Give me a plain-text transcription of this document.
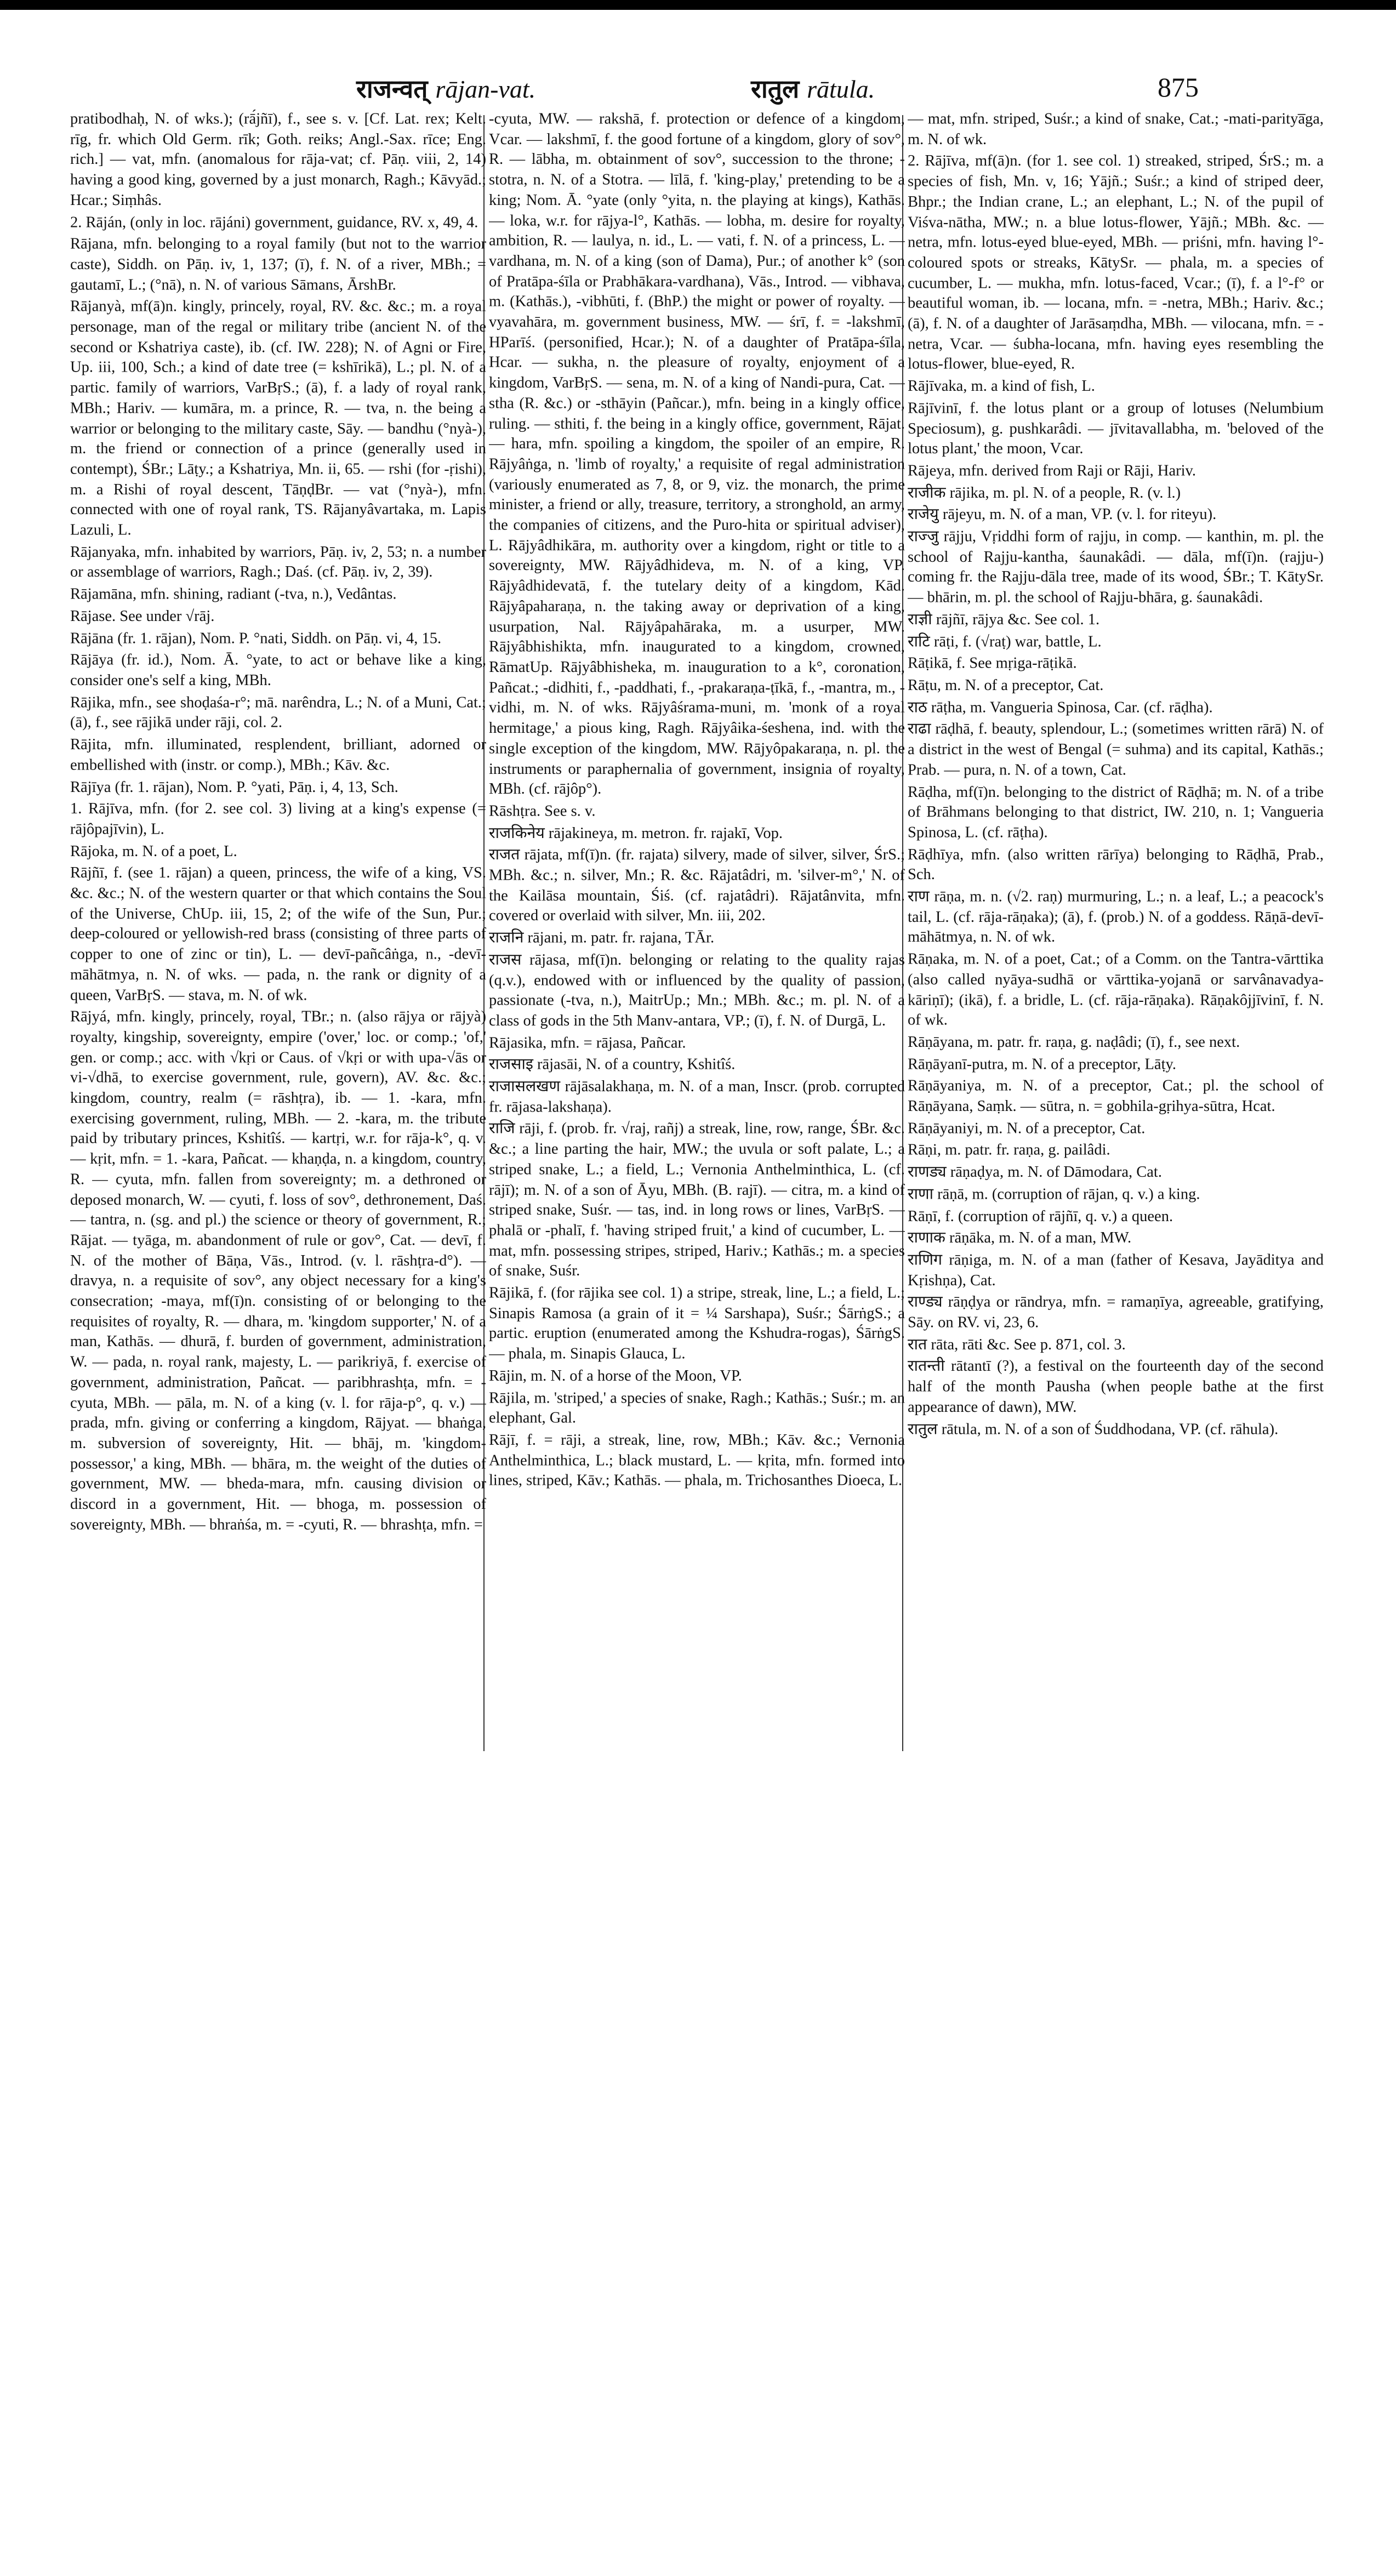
राजन्वत् rājan-vat.	रातुल rātula.	875

pratibodhaḥ, N. of wks.); (rā́jñī), f., see s. v. [Cf. Lat. rex; Kelt. rīg, fr. which Old Germ. rīk; Goth. reiks; Angl.-Sax. rīce; Eng. rich.] — vat, mfn. (anomalous for rāja-vat; cf. Pāṇ. viii, 2, 14) having a good king, governed by a just monarch, Ragh.; Kāvyād.; Hcar.; Siṃhâs.

2. Rāján, (only in loc. rājáni) government, guidance, RV. x, 49, 4.

Rājana, mfn. belonging to a royal family (but not to the warrior caste), Siddh. on Pāṇ. iv, 1, 137; (ī), f. N. of a river, MBh.; = gautamī, L.; (°nā), n. N. of various Sāmans, ĀrshBr.

Rājanyà, mf(ā)n. kingly, princely, royal, RV. &c. &c.; m. a royal personage, man of the regal or military tribe (ancient N. of the second or Kshatriya caste), ib. (cf. IW. 228); N. of Agni or Fire, Up. iii, 100, Sch.; a kind of date tree (= kshīrikā), L.; pl. N. of a partic. family of warriors, VarBṛS.; (ā), f. a lady of royal rank, MBh.; Hariv. — kumāra, m. a prince, R. — tva, n. the being a warrior or belonging to the military caste, Sāy. — bandhu (°nyà-), m. the friend or connection of a prince (generally used in contempt), ŚBr.; Lāṭy.; a Kshatriya, Mn. ii, 65. — rshi (for -ṛishi), m. a Rishi of royal descent, TāṇḍBr. — vat (°nyà-), mfn. connected with one of royal rank, TS. Rājanyâvartaka, m. Lapis Lazuli, L.

Rājanyaka, mfn. inhabited by warriors, Pāṇ. iv, 2, 53; n. a number or assemblage of warriors, Ragh.; Daś. (cf. Pāṇ. iv, 2, 39).

Rājamāna, mfn. shining, radiant (-tva, n.), Vedântas.

Rājase. See under √rāj.

Rājāna (fr. 1. rājan), Nom. P. °nati, Siddh. on Pāṇ. vi, 4, 15.

Rājāya (fr. id.), Nom. Ā. °yate, to act or behave like a king, consider one's self a king, MBh.

Rājika, mfn., see shoḍaśa-r°; mā. narêndra, L.; N. of a Muni, Cat.; (ā), f., see rājikā under rāji, col. 2.

Rājita, mfn. illuminated, resplendent, brilliant, adorned or embellished with (instr. or comp.), MBh.; Kāv. &c.

Rājīya (fr. 1. rājan), Nom. P. °yati, Pāṇ. i, 4, 13, Sch.

1. Rājīva, mfn. (for 2. see col. 3) living at a king's expense (= rājôpajīvin), L.

Rājoka, m. N. of a poet, L.

Rājñī, f. (see 1. rājan) a queen, princess, the wife of a king, VS. &c. &c.; N. of the western quarter or that which contains the Soul of the Universe, ChUp. iii, 15, 2; of the wife of the Sun, Pur.; deep-coloured or yellowish-red brass (consisting of three parts of copper to one of zinc or tin), L. — devī-pañcâṅga, n., -devī-māhātmya, n. N. of wks. — pada, n. the rank or dignity of a queen, VarBṛS. — stava, m. N. of wk.

Rājyá, mfn. kingly, princely, royal, TBr.; n. (also rājya or rājyà) royalty, kingship, sovereignty, empire ('over,' loc. or comp.; 'of,' gen. or comp.; acc. with √kṛi or Caus. of √kṛi or with upa-√ās or vi-√dhā, to exercise government, rule, govern), AV. &c. &c.; kingdom, country, realm (= rāshṭra), ib. — 1. -kara, mfn. exercising government, ruling, MBh. — 2. -kara, m. the tribute paid by tributary princes, Kshitîś. — kartṛi, w.r. for rāja-k°, q. v. — kṛit, mfn. = 1. -kara, Pañcat. — khaṇḍa, n. a kingdom, country, R. — cyuta, mfn. fallen from sovereignty; m. a dethroned or deposed monarch, W. — cyuti, f. loss of sov°, dethronement, Daś. — tantra, n. (sg. and pl.) the science or theory of government, R.; Rājat. — tyāga, m. abandonment of rule or gov°, Cat. — devī, f. N. of the mother of Bāṇa, Vās., Introd. (v. l. rāshṭra-d°). — dravya, n. a requisite of sov°, any object necessary for a king's consecration; -maya, mf(ī)n. consisting of or belonging to the requisites of royalty, R. — dhara, m. 'kingdom supporter,' N. of a man, Kathās. — dhurā, f. burden of government, administration, W. — pada, n. royal rank, majesty, L. — parikriyā, f. exercise of government, administration, Pañcat. — paribhrashṭa, mfn. = -cyuta, MBh. — pāla, m. N. of a king (v. l. for rāja-p°, q. v.) — prada, mfn. giving or conferring a kingdom, Rājyat. — bhaṅga, m. subversion of sovereignty, Hit. — bhāj, m. 'kingdom-possessor,' a king, MBh. — bhāra, m. the weight of the duties of government, MW. — bheda-mara, mfn. causing division or discord in a government, Hit. — bhoga, m. possession of sovereignty, MBh. — bhraṅśa, m. = -cyuti, R. — bhrashṭa, mfn. =

-cyuta, MW. — rakshā, f. protection or defence of a kingdom, Vcar. — lakshmī, f. the good fortune of a kingdom, glory of sov°, R. — lābha, m. obtainment of sov°, succession to the throne; -stotra, n. N. of a Stotra. — līlā, f. 'king-play,' pretending to be a king; Nom. Ā. °yate (only °yita, n. the playing at kings), Kathās. — loka, w.r. for rājya-l°, Kathās. — lobha, m. desire for royalty, ambition, R. — laulya, n. id., L. — vati, f. N. of a princess, L. — vardhana, m. N. of a king (son of Dama), Pur.; of another k° (son of Pratāpa-śīla or Prabhākara-vardhana), Vās., Introd. — vibhava, m. (Kathās.), -vibhūti, f. (BhP.) the might or power of royalty. — vyavahāra, m. government business, MW. — śrī, f. = -lakshmī, HParīś. (personified, Hcar.); N. of a daughter of Pratāpa-śīla, Hcar. — sukha, n. the pleasure of royalty, enjoyment of a kingdom, VarBṛS. — sena, m. N. of a king of Nandi-pura, Cat. — stha (R. &c.) or -sthāyin (Pañcar.), mfn. being in a kingly office, ruling. — sthiti, f. the being in a kingly office, government, Rājat. — hara, mfn. spoiling a kingdom, the spoiler of an empire, R. Rājyâṅga, n. 'limb of royalty,' a requisite of regal administration (variously enumerated as 7, 8, or 9, viz. the monarch, the prime minister, a friend or ally, treasure, territory, a stronghold, an army, the companies of citizens, and the Puro-hita or spiritual adviser), L. Rājyâdhikāra, m. authority over a kingdom, right or title to a sovereignty, MW. Rājyâdhideva, m. N. of a king, VP. Rājyâdhidevatā, f. the tutelary deity of a kingdom, Kād. Rājyâpaharaṇa, n. the taking away or deprivation of a king, usurpation, Nal. Rājyâpahāraka, m. a usurper, MW. Rājyâbhishikta, mfn. inaugurated to a kingdom, crowned, RāmatUp. Rājyâbhisheka, m. inauguration to a k°, coronation, Pañcat.; -didhiti, f., -paddhati, f., -prakaraṇa-ṭīkā, f., -mantra, m., -vidhi, m. N. of wks. Rājyâśrama-muni, m. 'monk of a royal hermitage,' a pious king, Ragh. Rājyâika-śeshena, ind. with the single exception of the kingdom, MW. Rājyôpakaraṇa, n. pl. the instruments or paraphernalia of government, insignia of royalty, MBh. (cf. rājôp°).

Rāshṭra. See s. v.

राजकिनेय rājakineya, m. metron. fr. rajakī, Vop.

राजत rājata, mf(ī)n. (fr. rajata) silvery, made of silver, silver, ŚrS.; MBh. &c.; n. silver, Mn.; R. &c. Rājatâdri, m. 'silver-m°,' N. of the Kailāsa mountain, Śiś. (cf. rajatâdri). Rājatânvita, mfn. covered or overlaid with silver, Mn. iii, 202.

राजनि rājani, m. patr. fr. rajana, TĀr.

राजस rājasa, mf(ī)n. belonging or relating to the quality rajas (q.v.), endowed with or influenced by the quality of passion, passionate (-tva, n.), MaitrUp.; Mn.; MBh. &c.; m. pl. N. of a class of gods in the 5th Manv-antara, VP.; (ī), f. N. of Durgā, L.

Rājasika, mfn. = rājasa, Pañcar.

राजसाइ rājasāi, N. of a country, Kshitîś.

राजासलखण rājāsalakhaṇa, m. N. of a man, Inscr. (prob. corrupted fr. rājasa-lakshaṇa).

राजि rāji, f. (prob. fr. √raj, rañj) a streak, line, row, range, ŚBr. &c. &c.; a line parting the hair, MW.; the uvula or soft palate, L.; a striped snake, L.; a field, L.; Vernonia Anthelminthica, L. (cf. rājī); m. N. of a son of Āyu, MBh. (B. rajī). — citra, m. a kind of striped snake, Suśr. — tas, ind. in long rows or lines, VarBṛS. — phalā or -phalī, f. 'having striped fruit,' a kind of cucumber, L. — mat, mfn. possessing stripes, striped, Hariv.; Kathās.; m. a species of snake, Suśr.

Rājikā, f. (for rājika see col. 1) a stripe, streak, line, L.; a field, L.; Sinapis Ramosa (a grain of it = ¼ Sarshapa), Suśr.; ŚārṅgS.; a partic. eruption (enumerated among the Kshudra-rogas), ŚārṅgS. — phala, m. Sinapis Glauca, L.

Rājin, m. N. of a horse of the Moon, VP.

Rājila, m. 'striped,' a species of snake, Ragh.; Kathās.; Suśr.; m. an elephant, Gal.

Rājī, f. = rāji, a streak, line, row, MBh.; Kāv. &c.; Vernonia Anthelminthica, L.; black mustard, L. — kṛita, mfn. formed into lines, striped, Kāv.; Kathās. — phala, m. Trichosanthes Dioeca, L.

— mat, mfn. striped, Suśr.; a kind of snake, Cat.; -mati-paritya̅ga, m. N. of wk.

2. Rājīva, mf(ā)n. (for 1. see col. 1) streaked, striped, ŚrS.; m. a species of fish, Mn. v, 16; Yājñ.; Suśr.; a kind of striped deer, Bhpr.; the Indian crane, L.; an elephant, L.; N. of the pupil of Viśva-nātha, MW.; n. a blue lotus-flower, Yājñ.; MBh. &c. — netra, mfn. lotus-eyed blue-eyed, MBh. — priśni, mfn. having l°-coloured spots or streaks, KātySr. — phala, m. a species of cucumber, L. — mukha, mfn. lotus-faced, Vcar.; (ī), f. a l°-f° or beautiful woman, ib. — locana, mfn. = -netra, MBh.; Hariv. &c.; (ā), f. N. of a daughter of Jarāsaṃdha, MBh. — vilocana, mfn. = -netra, Vcar. — śubha-locana, mfn. having eyes resembling the lotus-flower, blue-eyed, R.

Rājīvaka, m. a kind of fish, L.

Rājīvinī, f. the lotus plant or a group of lotuses (Nelumbium Speciosum), g. pushkarâdi. — jīvitavallabha, m. 'beloved of the lotus plant,' the moon, Vcar.

Rājeya, mfn. derived from Raji or Rāji, Hariv.

राजीक rājika, m. pl. N. of a people, R. (v. l.)

राजेयु rājeyu, m. N. of a man, VP. (v. l. for riteyu).

राज्जु rājju, Vṛiddhi form of rajju, in comp. — kanthin, m. pl. the school of Rajju-kantha, śaunakâdi. — dāla, mf(ī)n. (rajju-) coming fr. the Rajju-dāla tree, made of its wood, ŚBr.; T. KātySr. — bhārin, m. pl. the school of Rajju-bhāra, g. śaunakâdi.

राज्ञी rājñī, rājya &c. See col. 1.

राटि rāṭi, f. (√raṭ) war, battle, L.

Rāṭikā, f. See mṛiga-rāṭikā.

Rāṭu, m. N. of a preceptor, Cat.

राठ rāṭha, m. Vangueria Spinosa, Car. (cf. rāḍha).

राढा rāḍhā, f. beauty, splendour, L.; (sometimes written rārā) N. of a district in the west of Bengal (= suhma) and its capital, Kathās.; Prab. — pura, n. N. of a town, Cat.

Rāḍha, mf(ī)n. belonging to the district of Rāḍhā; m. N. of a tribe of Brāhmans belonging to that district, IW. 210, n. 1; Vangueria Spinosa, L. (cf. rāṭha).

Rāḍhīya, mfn. (also written rārīya) belonging to Rāḍhā, Prab., Sch.

राण rāṇa, m. n. (√2. raṇ) murmuring, L.; n. a leaf, L.; a peacock's tail, L. (cf. rāja-rāṇaka); (ā), f. (prob.) N. of a goddess. Rāṇā-devī-māhātmya, n. N. of wk.

Rāṇaka, m. N. of a poet, Cat.; of a Comm. on the Tantra-vārttika (also called nyāya-sudhā or vārttika-yojanā or sarvânavadya-kāriṇī); (ikā), f. a bridle, L. (cf. rāja-rāṇaka). Rāṇakôjjīvinī, f. N. of wk.

Rāṇāyana, m. patr. fr. raṇa, g. naḍâdi; (ī), f., see next.

Rāṇāyanī-putra, m. N. of a preceptor, Lāṭy.

Rāṇāyaniya, m. N. of a preceptor, Cat.; pl. the school of Rāṇāyana, Saṃk. — sūtra, n. = gobhila-gṛihya-sūtra, Hcat.

Rāṇāyaniyi, m. N. of a preceptor, Cat.

Rāṇi, m. patr. fr. raṇa, g. pailâdi.

राणड्य rāṇaḍya, m. N. of Dāmodara, Cat.

राणा rāṇā, m. (corruption of rājan, q. v.) a king.

Rāṇī, f. (corruption of rājñī, q. v.) a queen.

राणाक rāṇāka, m. N. of a man, MW.

राणिग rāṇiga, m. N. of a man (father of Kesava, Jayāditya and Kṛishṇa), Cat.

राण्ड्य rāṇḍya or rāndrya, mfn. = ramaṇīya, agreeable, gratifying, Sāy. on RV. vi, 23, 6.

रात rāta, rāti &c. See p. 871, col. 3.

रातन्ती rātantī (?), a festival on the fourteenth day of the second half of the month Pausha (when people bathe at the first appearance of dawn), MW.

रातुल rātula, m. N. of a son of Śuddhodana, VP. (cf. rāhula).
